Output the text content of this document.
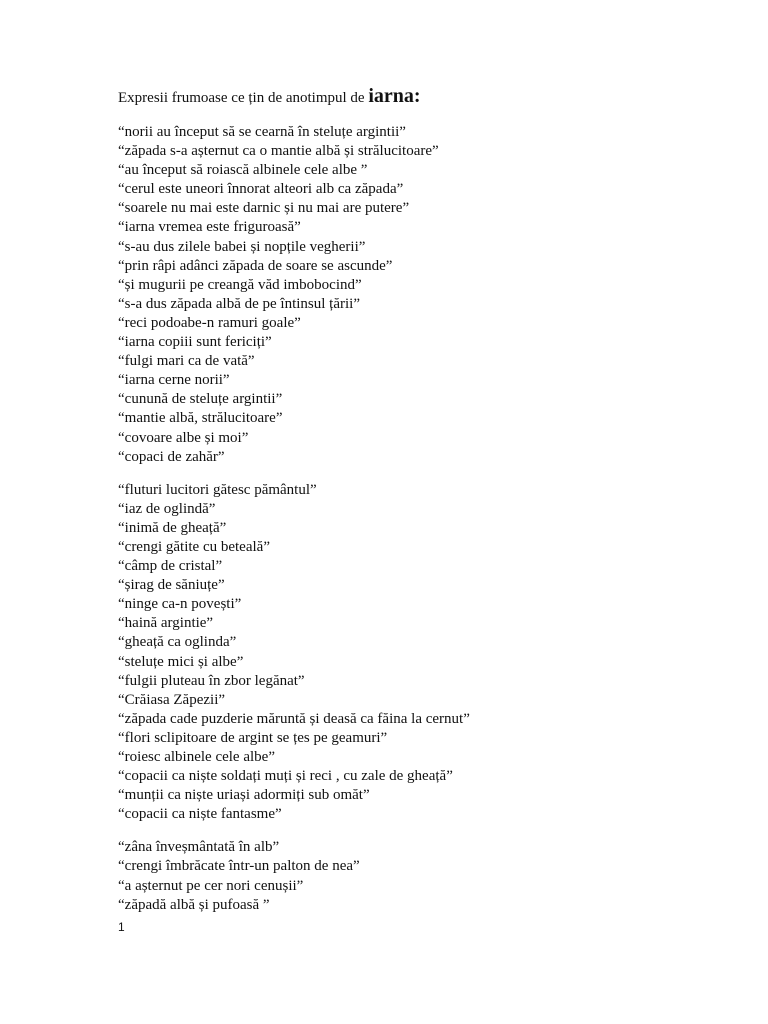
Expresii frumoase ce țin de anotimpul de iarna:
“norii au început să se cearnă în steluțe argintii”
“zăpada s-a așternut ca o mantie albă și strălucitoare”
“au început să roiască albinele cele albe ”
“cerul este uneori înnorat alteori alb ca zăpada”
“soarele nu mai este darnic și nu mai are putere”
“iarna vremea este friguroasă”
“s-au dus zilele babei și nopțile vegherii”
“prin râpi adânci zăpada de soare se ascunde”
“și mugurii pe creangă văd imbobocind”
“s-a dus zăpada albă de pe întinsul țării”
“reci podoabe-n ramuri goale”
“iarna copiii sunt fericiți”
“fulgi mari ca de vată”
“iarna cerne norii”
“cunună de steluțe argintii”
“mantie albă, strălucitoare”
“covoare albe și moi”
“copaci de zahăr”
“fluturi lucitori gătesc pământul”
“iaz de oglindă”
“inimă de gheață”
“crengi gătite cu beteală”
“câmp de cristal”
“șirag de săniuțe”
“ninge ca-n povești”
“haină argintie”
“gheață ca oglinda”
“steluțe mici și albe”
“fulgii pluteau în zbor legănat”
“Crăiasa Zăpezii”
“zăpada cade puzderie măruntă și deasă ca făina la cernut”
“flori sclipitoare de argint se țes pe geamuri”
“roiesc albinele cele albe”
“copacii ca niște soldați muți și reci , cu zale de gheață”
“munții ca niște uriași adormiți sub omăt”
“copacii ca niște fantasme”
“zâna înveșmântată în alb”
“crengi îmbrăcate într-un palton de nea”
“a așternut pe cer nori cenușii”
“zăpadă albă și pufoasă ”
1
